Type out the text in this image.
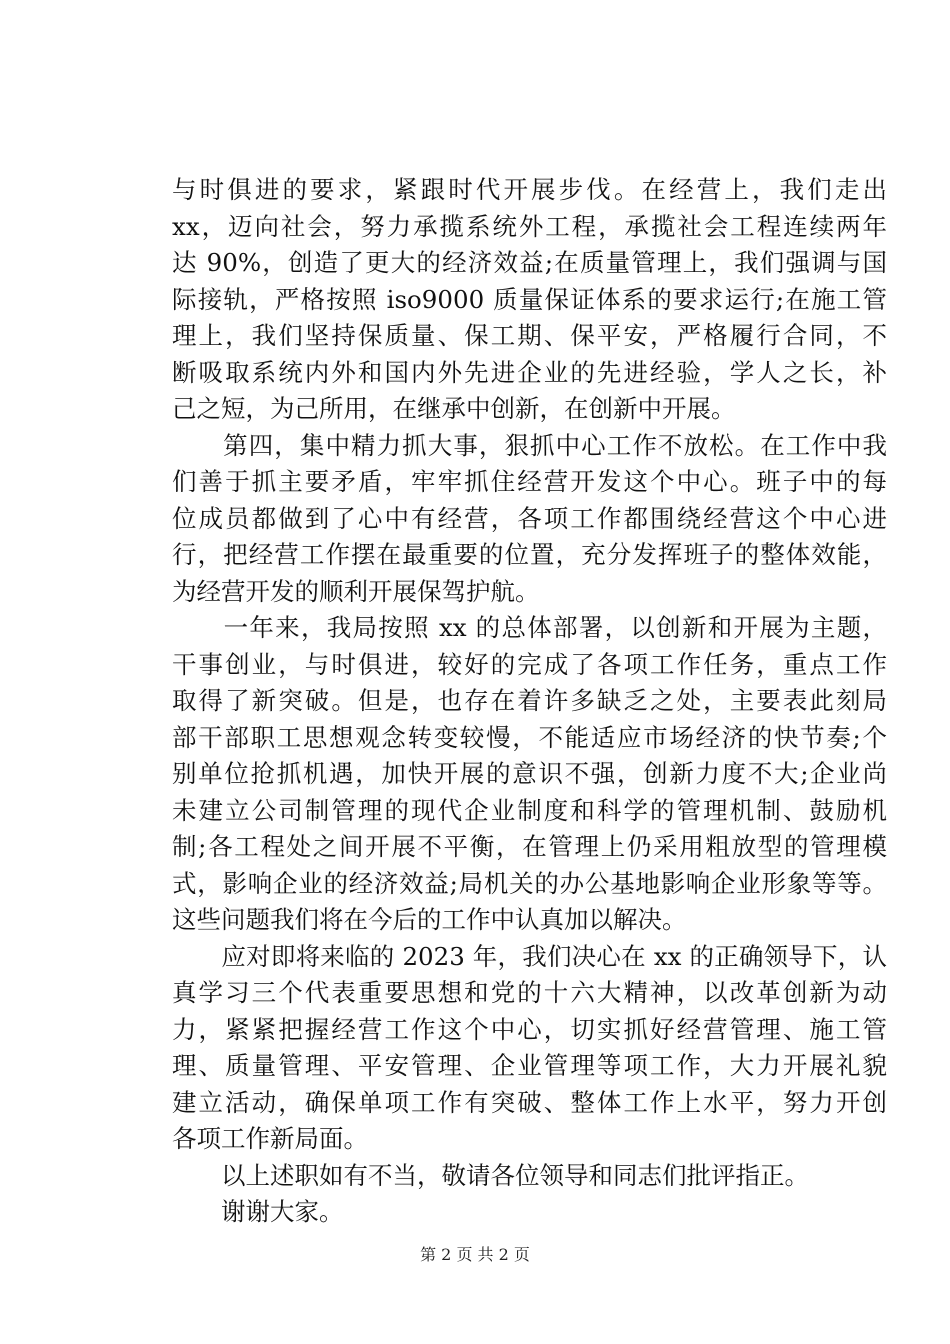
与时俱进的要求，紧跟时代开展步伐。在经营上，我们走出
xx，迈向社会，努力承揽系统外工程，承揽社会工程连续两年
达 90%，创造了更大的经济效益;在质量管理上，我们强调与国
际接轨，严格按照 iso9000 质量保证体系的要求运行;在施工管
理上，我们坚持保质量、保工期、保平安，严格履行合同，不
断吸取系统内外和国内外先进企业的先进经验，学人之长，补
己之短，为己所用，在继承中创新，在创新中开展。
　　第四，集中精力抓大事，狠抓中心工作不放松。在工作中我
们善于抓主要矛盾，牢牢抓住经营开发这个中心。班子中的每
位成员都做到了心中有经营，各项工作都围绕经营这个中心进
行，把经营工作摆在最重要的位置，充分发挥班子的整体效能，
为经营开发的顺利开展保驾护航。
　　一年来，我局按照 xx 的总体部署，以创新和开展为主题，
干事创业，与时俱进，较好的完成了各项工作任务，重点工作
取得了新突破。但是，也存在着许多缺乏之处，主要表此刻局
部干部职工思想观念转变较慢，不能适应市场经济的快节奏;个
别单位抢抓机遇，加快开展的意识不强，创新力度不大;企业尚
未建立公司制管理的现代企业制度和科学的管理机制、鼓励机
制;各工程处之间开展不平衡，在管理上仍采用粗放型的管理模
式，影响企业的经济效益;局机关的办公基地影响企业形象等等。
这些问题我们将在今后的工作中认真加以解决。
　　应对即将来临的 2023 年，我们决心在 xx 的正确领导下，认
真学习三个代表重要思想和党的十六大精神，以改革创新为动
力，紧紧把握经营工作这个中心，切实抓好经营管理、施工管
理、质量管理、平安管理、企业管理等项工作，大力开展礼貌
建立活动，确保单项工作有突破、整体工作上水平，努力开创
各项工作新局面。
　　以上述职如有不当，敬请各位领导和同志们批评指正。
　　谢谢大家。
第 2 页 共 2 页
